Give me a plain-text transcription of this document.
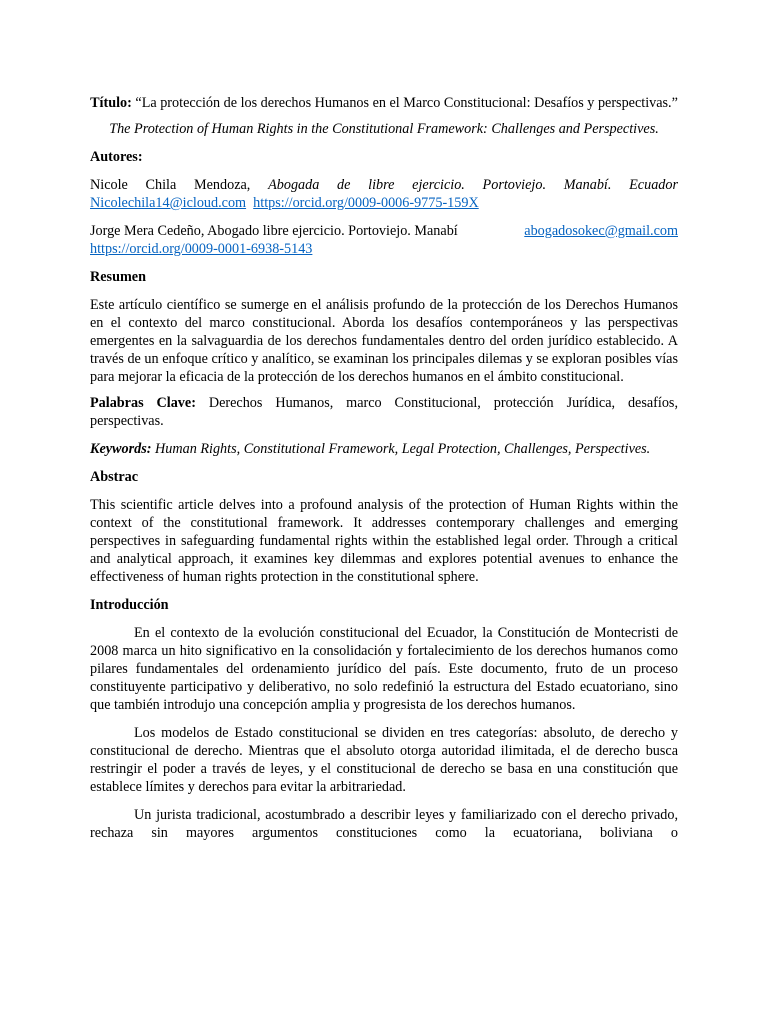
Título: “La protección de los derechos Humanos en el Marco Constitucional: Desafíos y perspectivas.”

The Protection of Human Rights in the Constitutional Framework: Challenges and Perspectives.

Autores:

Nicole Chila Mendoza, Abogada de libre ejercicio. Portoviejo. Manabí. Ecuador
Nicolechila14@icloud.com https://orcid.org/0009-0006-9775-159X

Jorge Mera Cedeño, Abogado libre ejercicio. Portoviejo. Manabí	abogadosokec@gmail.com
https://orcid.org/0009-0001-6938-5143

Resumen

Este artículo científico se sumerge en el análisis profundo de la protección de los Derechos Humanos en el contexto del marco constitucional. Aborda los desafíos contemporáneos y las perspectivas emergentes en la salvaguardia de los derechos fundamentales dentro del orden jurídico establecido. A través de un enfoque crítico y analítico, se examinan los principales dilemas y se exploran posibles vías para mejorar la eficacia de la protección de los derechos humanos en el ámbito constitucional.

Palabras Clave: Derechos Humanos, marco Constitucional, protección Jurídica, desafíos, perspectivas.

Keywords: Human Rights, Constitutional Framework, Legal Protection, Challenges, Perspectives.

Abstrac

This scientific article delves into a profound analysis of the protection of Human Rights within the context of the constitutional framework. It addresses contemporary challenges and emerging perspectives in safeguarding fundamental rights within the established legal order. Through a critical and analytical approach, it examines key dilemmas and explores potential avenues to enhance the effectiveness of human rights protection in the constitutional sphere.

Introducción

En el contexto de la evolución constitucional del Ecuador, la Constitución de Montecristi de 2008 marca un hito significativo en la consolidación y fortalecimiento de los derechos humanos como pilares fundamentales del ordenamiento jurídico del país. Este documento, fruto de un proceso constituyente participativo y deliberativo, no solo redefinió la estructura del Estado ecuatoriano, sino que también introdujo una concepción amplia y progresista de los derechos humanos.

Los modelos de Estado constitucional se dividen en tres categorías: absoluto, de derecho y constitucional de derecho. Mientras que el absoluto otorga autoridad ilimitada, el de derecho busca restringir el poder a través de leyes, y el constitucional de derecho se basa en una constitución que establece límites y derechos para evitar la arbitrariedad.

Un jurista tradicional, acostumbrado a describir leyes y familiarizado con el derecho privado, rechaza sin mayores argumentos constituciones como la ecuatoriana, boliviana o
